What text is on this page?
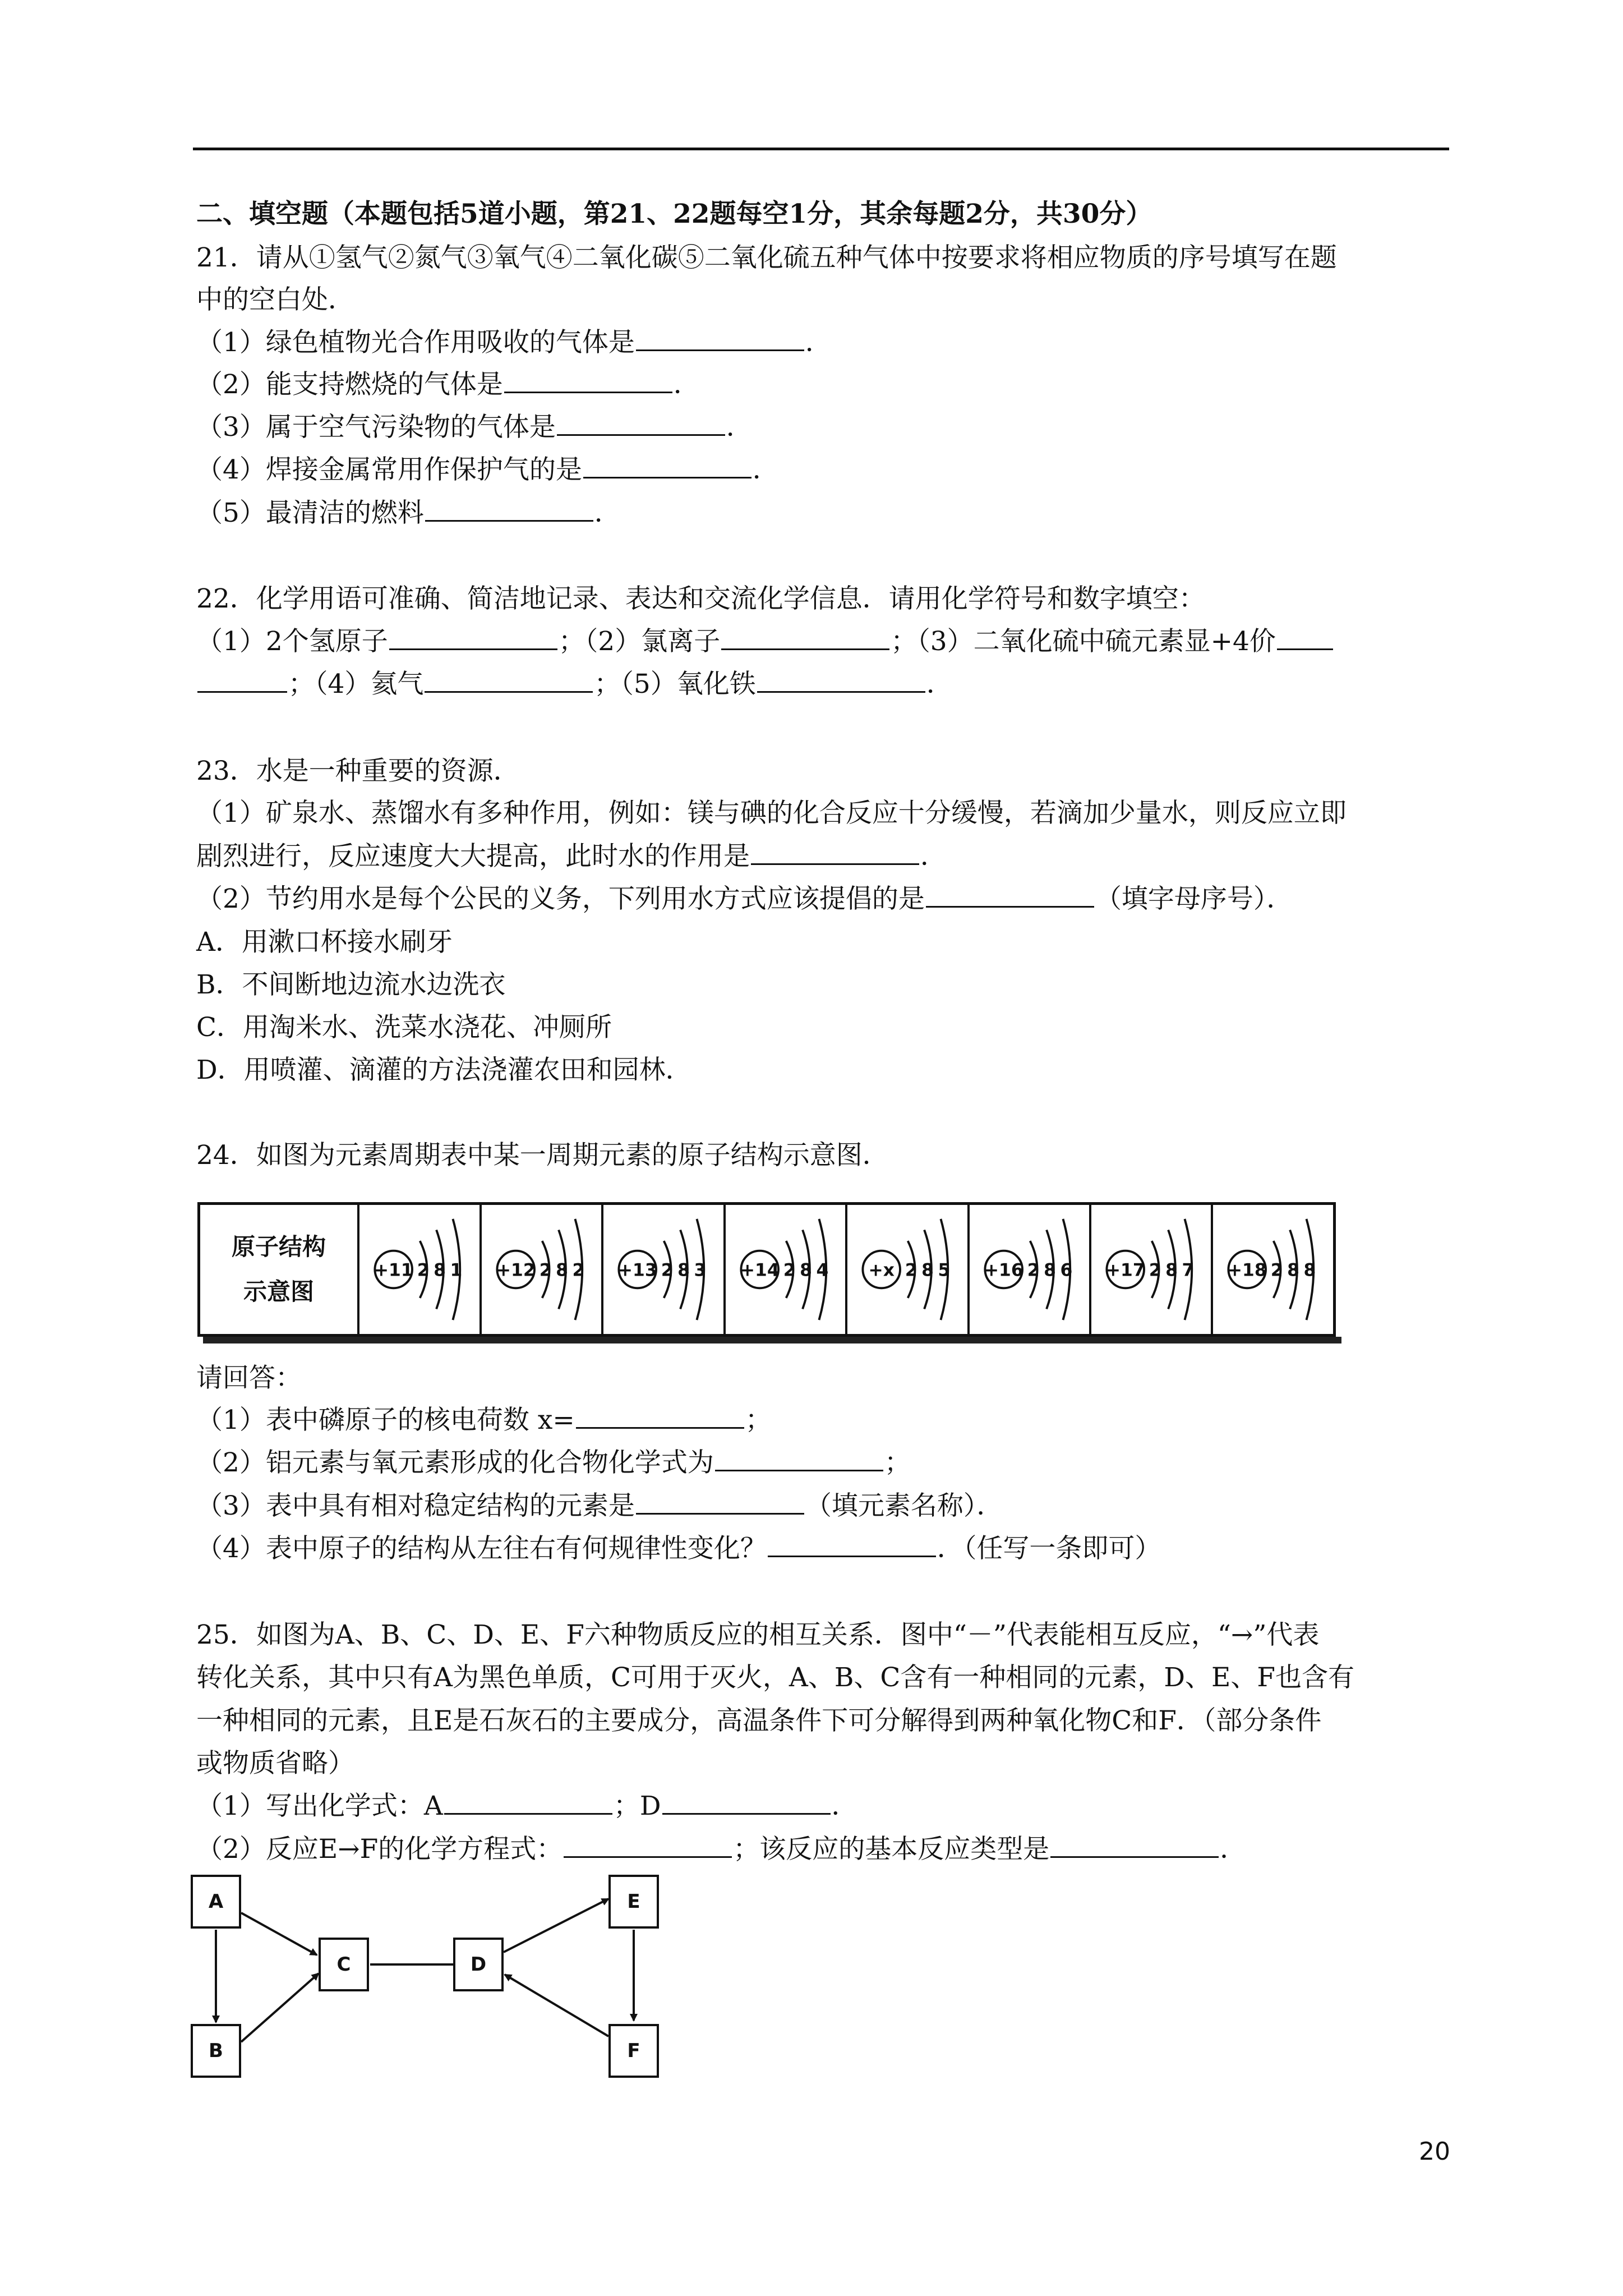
二、填空题（本题包括5道小题，第21、22题每空1分，其余每题2分，共30分）
21．请从①氢气②氮气③氧气④二氧化碳⑤二氧化硫五种气体中按要求将相应物质的序号填写在题
中的空白处．
（1）绿色植物光合作用吸收的气体是	．
（2）能支持燃烧的气体是	．
（3）属于空气污染物的气体是	．
（4）焊接金属常用作保护气的是	．
（5）最清洁的燃料	．
22．化学用语可准确、简洁地记录、表达和交流化学信息．请用化学符号和数字填空：
（1）2个氢原子	；（2）氯离子	；（3）二氧化硫中硫元素显+4价
；（4）氦气	；（5）氧化铁	．
23．水是一种重要的资源．
（1）矿泉水、蒸馏水有多种作用，例如：镁与碘的化合反应十分缓慢，若滴加少量水，则反应立即
剧烈进行，反应速度大大提高，此时水的作用是	．
（2）节约用水是每个公民的义务，下列用水方式应该提倡的是	（填字母序号）．
A．用漱口杯接水刷牙
B．不间断地边流水边洗衣
C．用淘米水、洗菜水浇花、冲厕所
D．用喷灌、滴灌的方法浇灌农田和园林．
24．如图为元素周期表中某一周期元素的原子结构示意图．
原子结构
示意图
+11 2 8 1 +12 2 8 2 +13 2 8 3 +14 2 8 4 +x 2 8 5 +16 2 8 6 +17 2 8 7 +18 2 8 8
请回答：
（1）表中磷原子的核电荷数 x=	；
（2）铝元素与氧元素形成的化合物化学式为	；
（3）表中具有相对稳定结构的元素是	（填元素名称）．
（4）表中原子的结构从左往右有何规律性变化？	．（任写一条即可）
25．如图为A、B、C、D、E、F六种物质反应的相互关系．图中“－”代表能相互反应，“→”代表
转化关系，其中只有A为黑色单质，C可用于灭火，A、B、C含有一种相同的元素，D、E、F也含有
一种相同的元素，且E是石灰石的主要成分，高温条件下可分解得到两种氧化物C和F．（部分条件
或物质省略）
（1）写出化学式：A	；D	．
（2）反应E→F的化学方程式：	；该反应的基本反应类型是	．
A
B
C	D
E
F
20
